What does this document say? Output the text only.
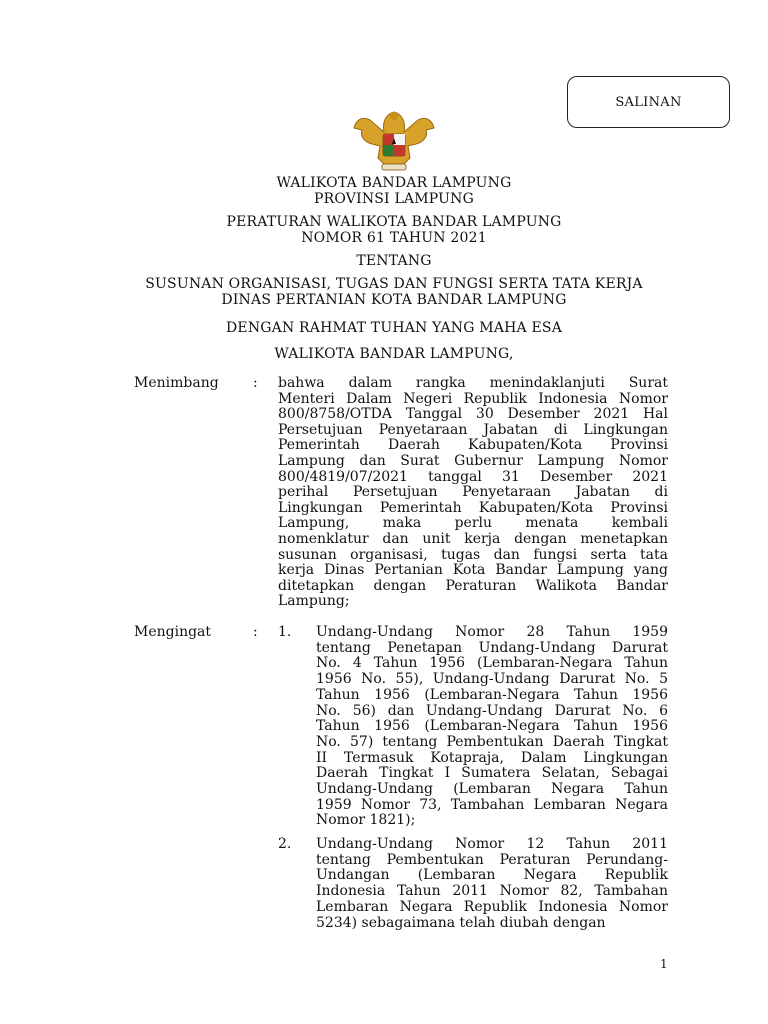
SALINAN
WALIKOTA BANDAR LAMPUNG
PROVINSI LAMPUNG
PERATURAN WALIKOTA BANDAR LAMPUNG
NOMOR 61 TAHUN 2021
TENTANG
SUSUNAN ORGANISASI, TUGAS DAN FUNGSI SERTA TATA KERJA
DINAS PERTANIAN KOTA BANDAR LAMPUNG
DENGAN RAHMAT TUHAN YANG MAHA ESA
WALIKOTA BANDAR LAMPUNG,
Menimbang : bahwa dalam rangka menindaklanjuti Surat
Menteri Dalam Negeri Republik Indonesia Nomor
800/8758/OTDA Tanggal 30 Desember 2021 Hal
Persetujuan Penyetaraan Jabatan di Lingkungan
Pemerintah Daerah Kabupaten/Kota Provinsi
Lampung dan Surat Gubernur Lampung Nomor
800/4819/07/2021 tanggal 31 Desember 2021
perihal Persetujuan Penyetaraan Jabatan di
Lingkungan Pemerintah Kabupaten/Kota Provinsi
Lampung, maka perlu menata kembali
nomenklatur dan unit kerja dengan menetapkan
susunan organisasi, tugas dan fungsi serta tata
kerja Dinas Pertanian Kota Bandar Lampung yang
ditetapkan dengan Peraturan Walikota Bandar
Lampung;
Mengingat	: 1. Undang-Undang Nomor 28 Tahun 1959
tentang Penetapan Undang-Undang Darurat
No. 4 Tahun 1956 (Lembaran-Negara Tahun
1956 No. 55), Undang-Undang Darurat No. 5
Tahun 1956 (Lembaran-Negara Tahun 1956
No. 56) dan Undang-Undang Darurat No. 6
Tahun 1956 (Lembaran-Negara Tahun 1956
No. 57) tentang Pembentukan Daerah Tingkat
II Termasuk Kotapraja, Dalam Lingkungan
Daerah Tingkat I Sumatera Selatan, Sebagai
Undang-Undang (Lembaran Negara Tahun
1959 Nomor 73, Tambahan Lembaran Negara
Nomor 1821);
2. Undang-Undang Nomor 12 Tahun 2011
tentang Pembentukan Peraturan Perundang-
Undangan (Lembaran Negara Republik
Indonesia Tahun 2011 Nomor 82, Tambahan
Lembaran Negara Republik Indonesia Nomor
5234) sebagaimana telah diubah dengan
1
